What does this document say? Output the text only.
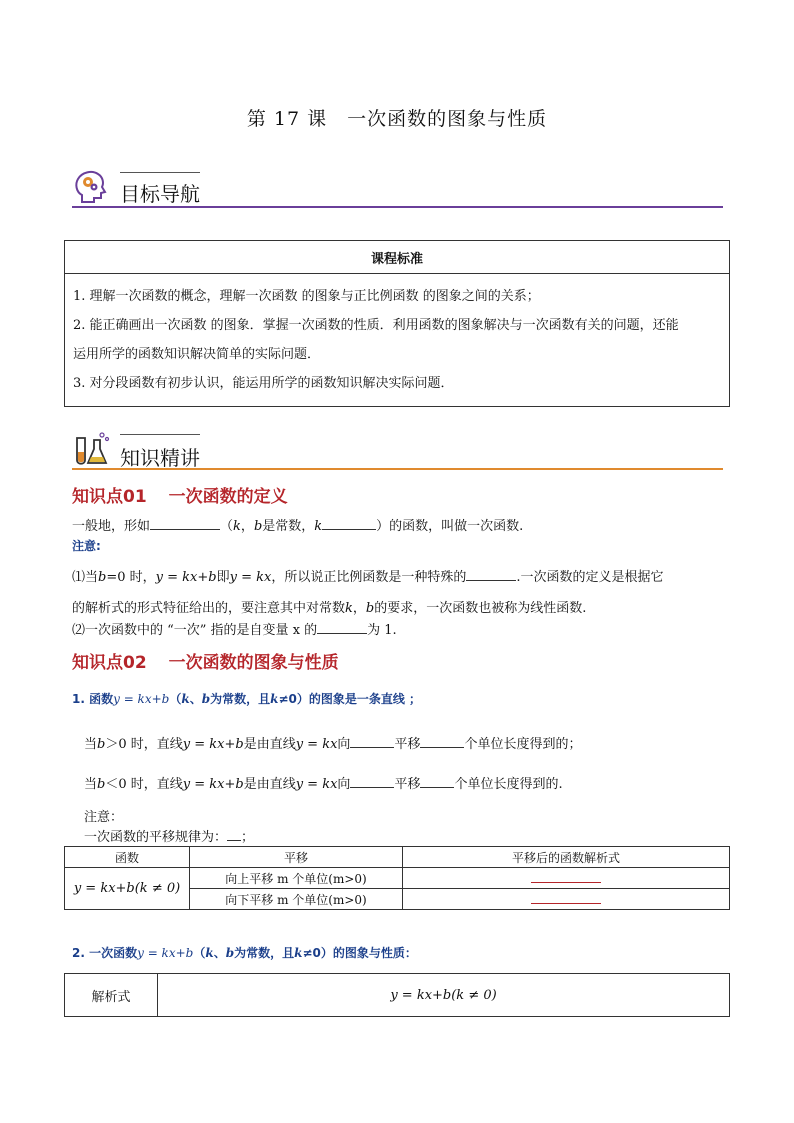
第 17 课　一次函数的图象与性质
目标导航
课程标准

1. 理解一次函数的概念，理解一次函数 的图象与正比例函数 的图象之间的关系；
2. 能正确画出一次函数 的图象．掌握一次函数的性质．利用函数的图象解决与一次函数有关的问题，还能
运用所学的函数知识解决简单的实际问题．
3. 对分段函数有初步认识，能运用所学的函数知识解决实际问题．
知识精讲
知识点01 一次函数的定义
一般地，形如	（k，b是常数，k	）的函数，叫做一次函数.
注意:
⑴当b=0 时，y = kx+b即y = kx，所以说正比例函数是一种特殊的	.一次函数的定义是根据它
的解析式的形式特征给出的，要注意其中对常数k，b的要求，一次函数也被称为线性函数.
⑵一次函数中的 “一次” 指的是自变量 x 的	为 1.
知识点02 一次函数的图象与性质
1. 函数y = kx+b（k、b为常数，且k≠0）的图象是一条直线 ；
当b＞0 时，直线y = kx+b是由直线y = kx向	平移	个单位长度得到的；
当b＜0 时，直线y = kx+b是由直线y = kx向	平移	个单位长度得到的.
注意：
一次函数的平移规律为： ；
函数	平移	平移后的函数解析式
y = kx+b(k ≠ 0)	向上平移 m 个单位(m>0)	
	向下平移 m 个单位(m>0)	
2. 一次函数y = kx+b（k、b为常数，且k≠0）的图象与性质：
解析式	y = kx+b(k ≠ 0)
